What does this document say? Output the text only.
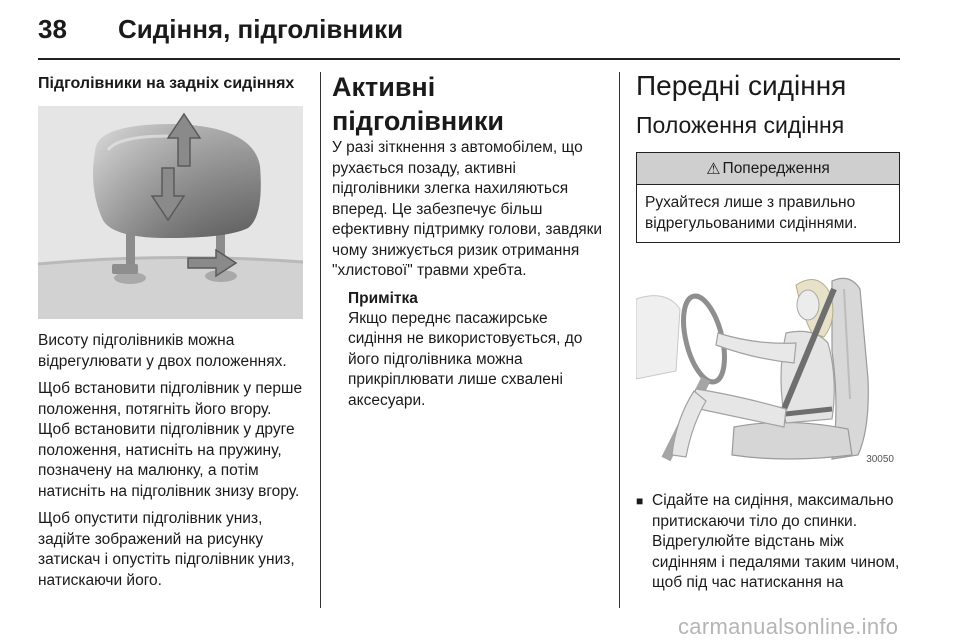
38	Сидіння, підголівники
Підголівники на задніх сидіннях

Висоту підголівників можна відрегулювати у двох положеннях.

Щоб встановити підголівник у перше положення, потягніть його вгору. Щоб встановити підголівник у друге положення, натисніть на пружину, позначену на малюнку, а потім натисніть на підголівник знизу вгору.

Щоб опустити підголівник униз, задійте зображений на рисунку затискач і опустіть підголівник униз, натискаючи його.

Активні підголівники

У разі зіткнення з автомобілем, що рухається позаду, активні підголівники злегка нахиляються вперед. Це забезпечує більш ефективну підтримку голови, завдяки чому знижується ризик отримання "хлистової" травми хребта.

Примітка

Якщо переднє пасажирське сидіння не використовується, до його підголівника можна прикріплювати лише схвалені аксесуари.

Передні сидіння
Положення сидіння
⚠ Попередження
Рухайтеся лише з правильно відрегульованими сидіннями.
30050
■ Сідайте на сидіння, максимально притискаючи тіло до спинки. Відрегулюйте відстань між сидінням і педалями таким чином, щоб під час натискання на
carmanualsonline.info
